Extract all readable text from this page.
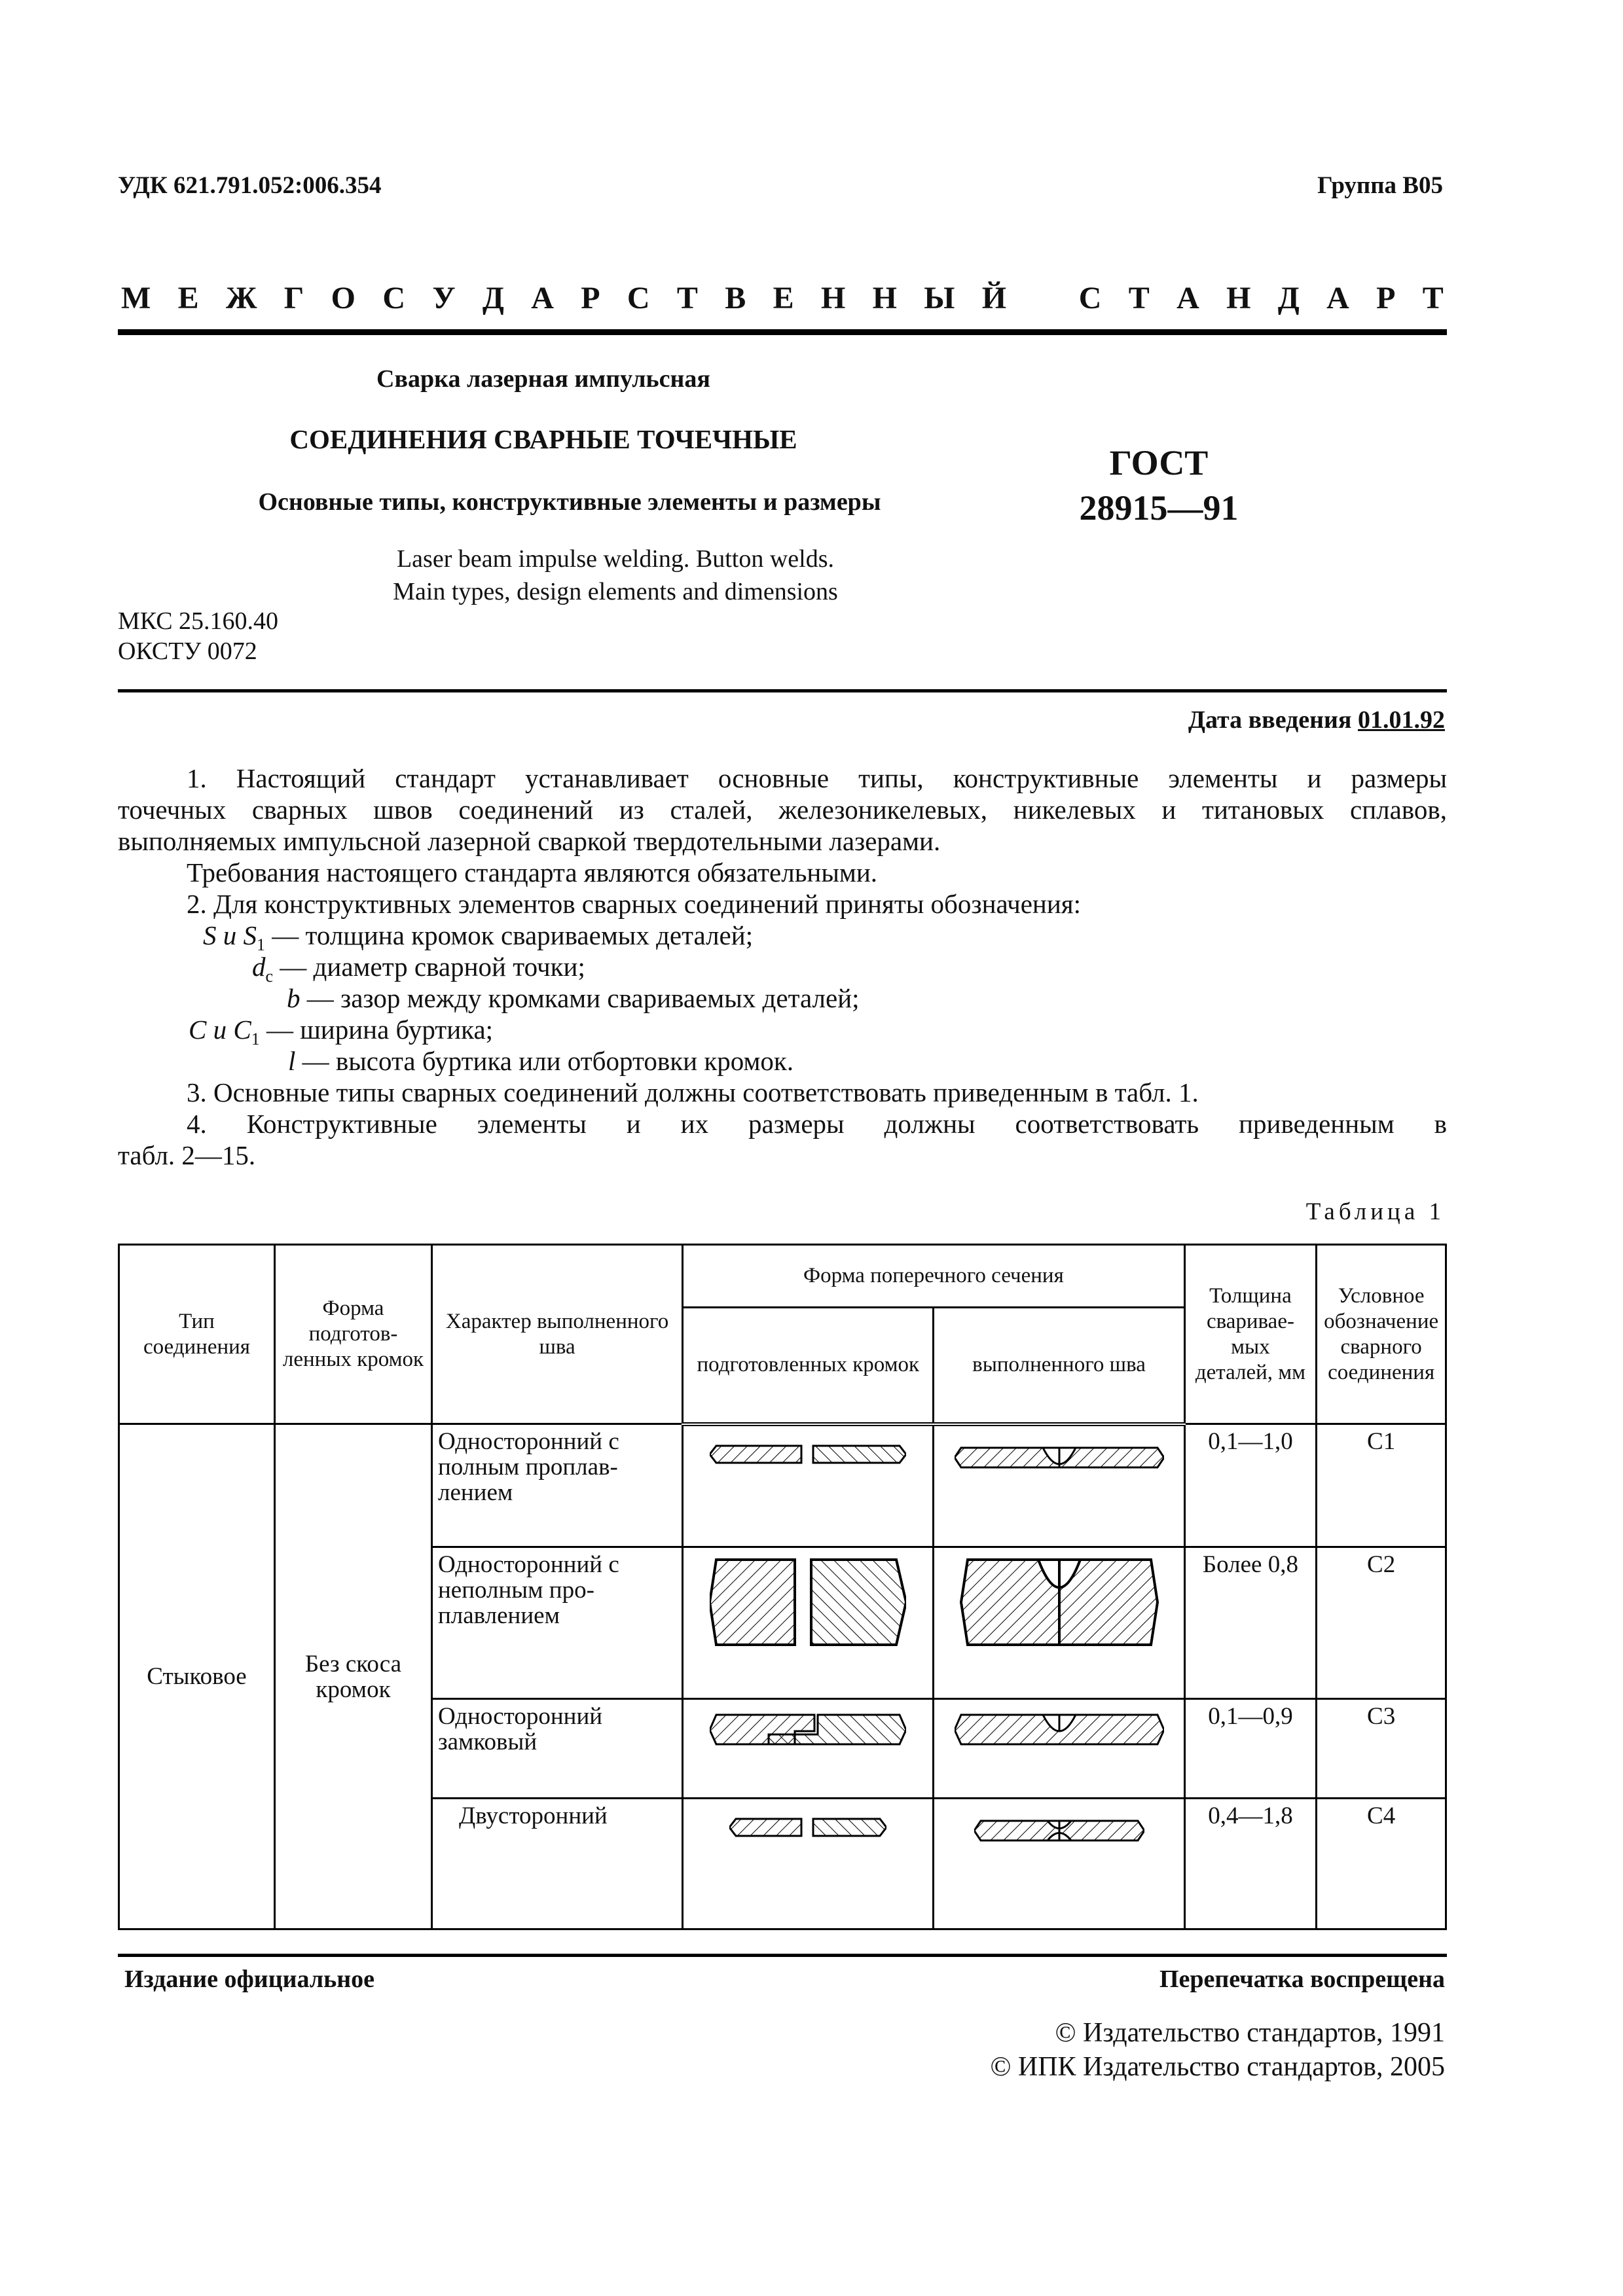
УДК 621.791.052:006.354	Группа В05
М Е Ж Г О С У Д А Р С Т В Е Н Н Ы Й С Т А Н Д А Р Т
Сварка лазерная импульсная
СОЕДИНЕНИЯ СВАРНЫЕ ТОЧЕЧНЫЕ
Основные типы, конструктивные элементы и размеры
ГОСТ
28915—91
Laser beam impulse welding. Button welds.
Main types, design elements and dimensions
МКС 25.160.40
ОКСТУ 0072
Дата введения 01.01.92
1. Настоящий стандарт устанавливает основные типы, конструктивные элементы и размеры
точечных сварных швов соединений из сталей, железоникелевых, никелевых и титановых сплавов,
выполняемых импульсной лазерной сваркой твердотельными лазерами.
Требования настоящего стандарта являются обязательными.
2. Для конструктивных элементов сварных соединений приняты обозначения:
S и $S_1$ — толщина кромок свариваемых деталей;
$d_c$ — диаметр сварной точки;
b — зазор между кромками свариваемых деталей;
C и $C_1$ — ширина буртика;
l — высота буртика или отбортовки кромок.
3. Основные типы сварных соединений должны соответствовать приведенным в табл. 1.
4. Конструктивные элементы и их размеры должны соответствовать приведенным в
табл. 2—15.
Таблица 1
Тип соединения	Форма подготов-ленных кромок	Характер выполненного шва	Форма поперечного сечения		Толщина сваривае-мых деталей, мм	Условное обозначение сварного соединения
			подготовленных кромок	выполненного шва		
Стыковое	Без скоса кромок	Односторонний с полным проплав-лением			0,1—1,0	С1
		Односторонний с неполным про-плавлением			Более 0,8	С2
		Односторонний замковый			0,1—0,9	С3
		Двусторонний			0,4—1,8	С4
Издание официальное	Перепечатка воспрещена
© Издательство стандартов, 1991
© ИПК Издательство стандартов, 2005
